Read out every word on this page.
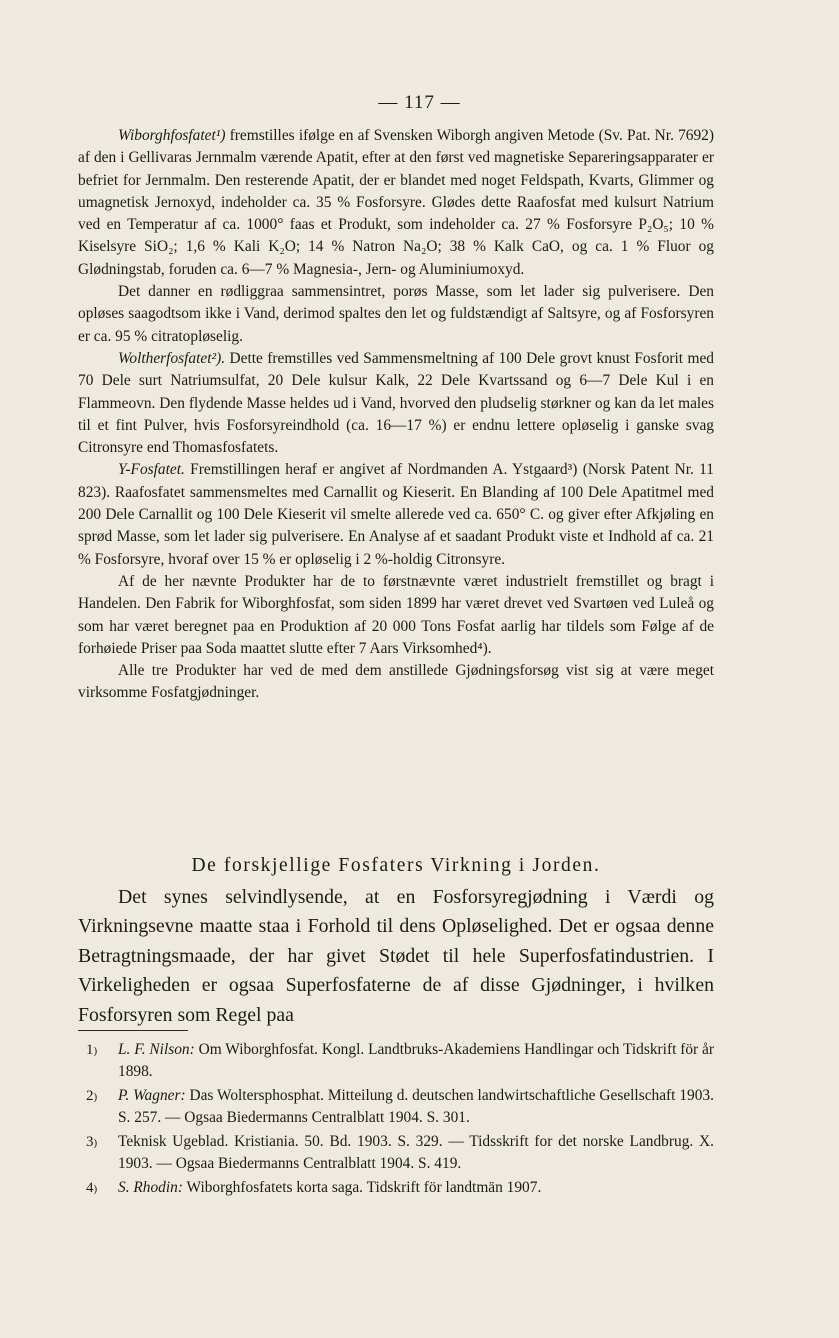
— 117 —

Wiborghfosfatet¹) fremstilles ifølge en af Svensken Wiborgh angiven Metode (Sv. Pat. Nr. 7692) af den i Gellivaras Jernmalm værende Apatit, efter at den først ved magnetiske Separeringsapparater er befriet for Jernmalm. Den resterende Apatit, der er blandet med noget Feldspath, Kvarts, Glimmer og umagnetisk Jernoxyd, indeholder ca. 35 % Fosforsyre. Glødes dette Raafosfat med kulsurt Natrium ved en Temperatur af ca. 1000° faas et Produkt, som indeholder ca. 27 % Fosforsyre P₂O₅; 10 % Kiselsyre SiO₂; 1,6 % Kali K₂O; 14 % Natron Na₂O; 38 % Kalk CaO, og ca. 1 % Fluor og Glødningstab, foruden ca. 6—7 % Magnesia-, Jern- og Aluminiumoxyd.

Det danner en rødliggraa sammensintret, porøs Masse, som let lader sig pulverisere. Den opløses saagodtsom ikke i Vand, derimod spaltes den let og fuldstændigt af Saltsyre, og af Fosforsyren er ca. 95 % citratopløselig.

Woltherfosfatet²). Dette fremstilles ved Sammensmeltning af 100 Dele grovt knust Fosforit med 70 Dele surt Natriumsulfat, 20 Dele kulsur Kalk, 22 Dele Kvartssand og 6—7 Dele Kul i en Flammeovn. Den flydende Masse heldes ud i Vand, hvorved den pludselig størkner og kan da let males til et fint Pulver, hvis Fosforsyreindhold (ca. 16—17 %) er endnu lettere opløselig i ganske svag Citronsyre end Thomasfosfatets.

Y-Fosfatet. Fremstillingen heraf er angivet af Nordmanden A. Ystgaard³) (Norsk Patent Nr. 11 823). Raafosfatet sammensmeltes med Carnallit og Kieserit. En Blanding af 100 Dele Apatitmel med 200 Dele Carnallit og 100 Dele Kieserit vil smelte allerede ved ca. 650° C. og giver efter Afkjøling en sprød Masse, som let lader sig pulverisere. En Analyse af et saadant Produkt viste et Indhold af ca. 21 % Fosforsyre, hvoraf over 15 % er opløselig i 2 %-holdig Citronsyre.

Af de her nævnte Produkter har de to førstnævnte været industrielt fremstillet og bragt i Handelen. Den Fabrik for Wiborghfosfat, som siden 1899 har været drevet ved Svartøen ved Luleå og som har været beregnet paa en Produktion af 20 000 Tons Fosfat aarlig har tildels som Følge af de forhøiede Priser paa Soda maattet slutte efter 7 Aars Virksomhed⁴).

Alle tre Produkter har ved de med dem anstillede Gjødningsforsøg vist sig at være meget virksomme Fosfatgjødninger.

De forskjellige Fosfaters Virkning i Jorden.

Det synes selvindlysende, at en Fosforsyregjødning i Værdi og Virkningsevne maatte staa i Forhold til dens Opløselighed. Det er ogsaa denne Betragtningsmaade, der har givet Stødet til hele Superfosfatindustrien. I Virkeligheden er ogsaa Superfosfaterne de af disse Gjødninger, i hvilken Fosforsyren som Regel paa

1) L. F. Nilson: Om Wiborghfosfat. Kongl. Landtbruks-Akademiens Handlingar och Tidskrift för år 1898.
2) P. Wagner: Das Woltersphosphat. Mitteilung d. deutschen landwirtschaftliche Gesellschaft 1903. S. 257. — Ogsaa Biedermanns Centralblatt 1904. S. 301.
3) Teknisk Ugeblad. Kristiania. 50. Bd. 1903. S. 329. — Tidsskrift for det norske Landbrug. X. 1903. — Ogsaa Biedermanns Centralblatt 1904. S. 419.
4) S. Rhodin: Wiborghfosfatets korta saga. Tidskrift för landtmän 1907.
